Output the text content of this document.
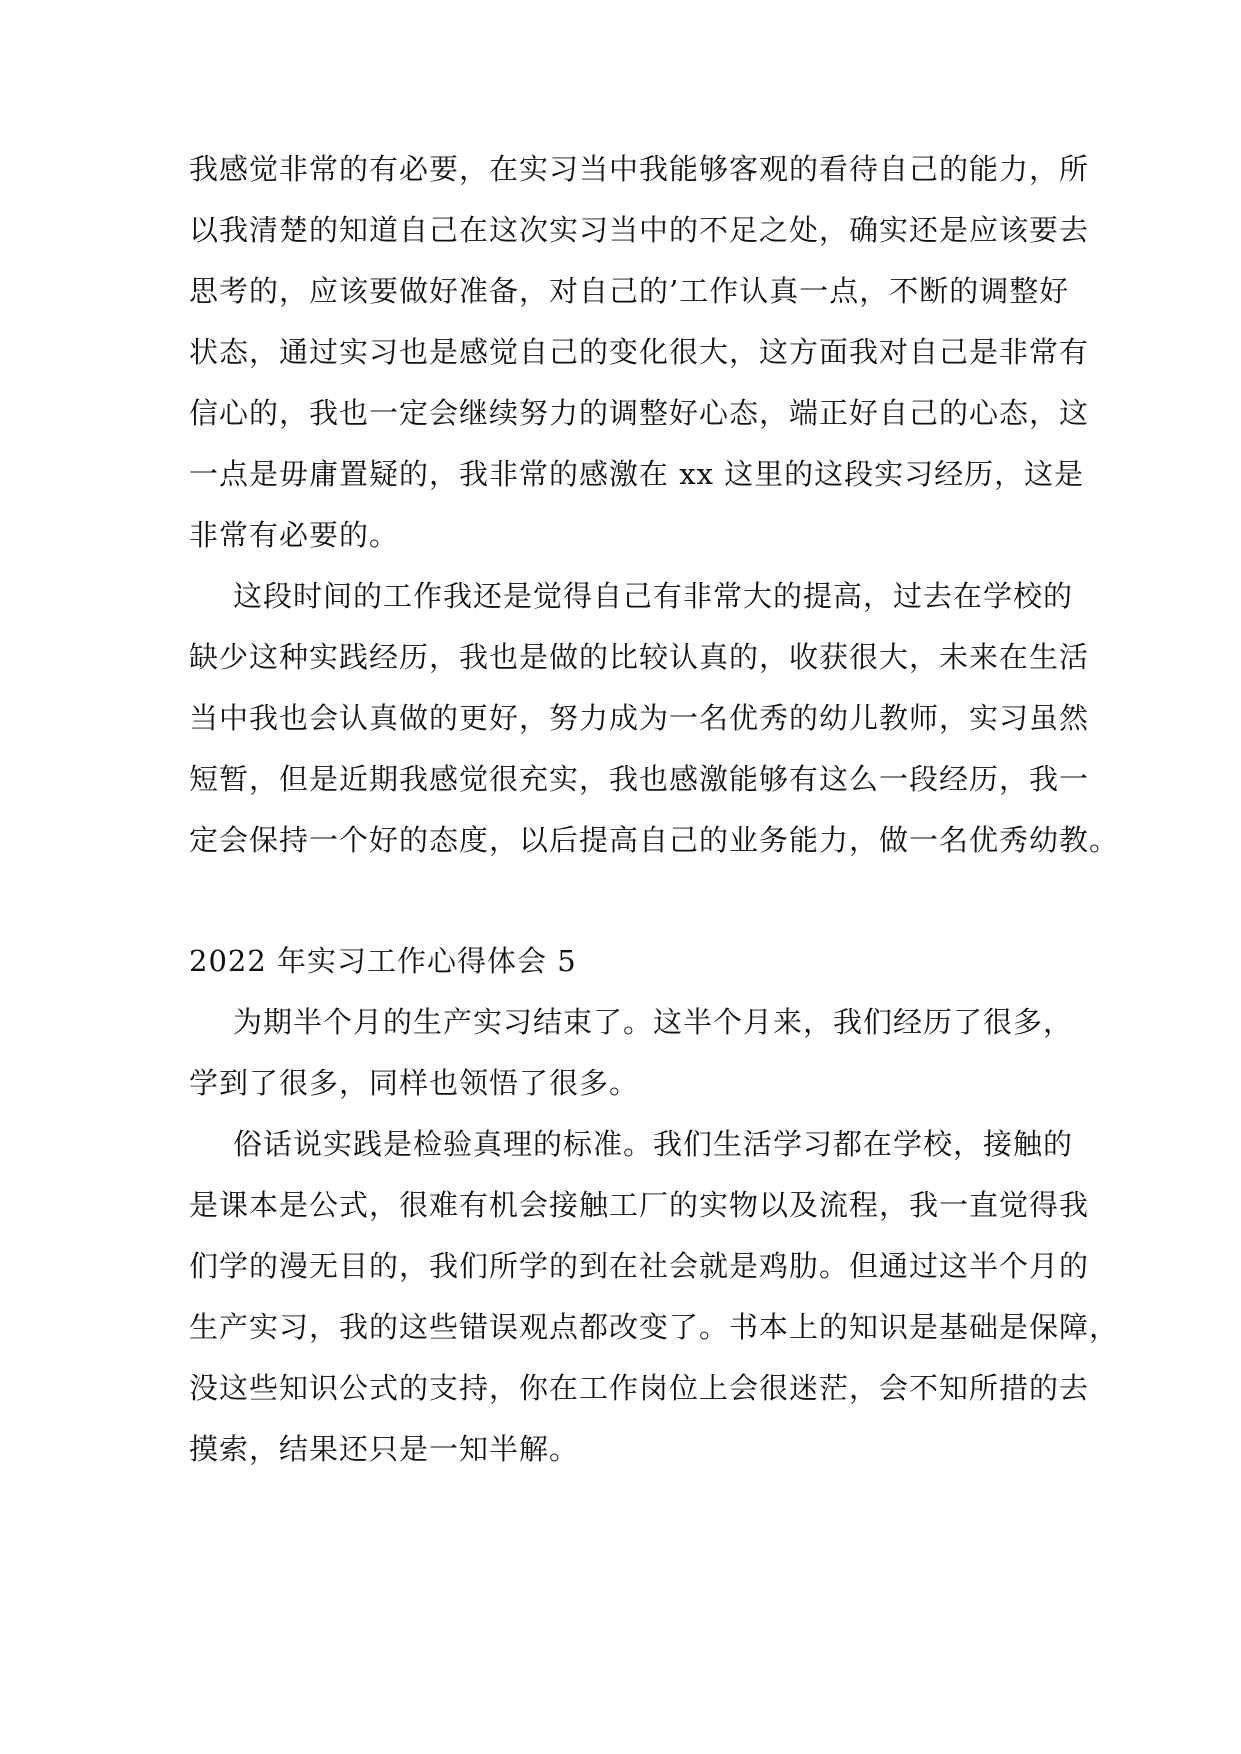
我感觉非常的有必要，在实习当中我能够客观的看待自己的能力，所
以我清楚的知道自己在这次实习当中的不足之处，确实还是应该要去
思考的，应该要做好准备，对自己的’工作认真一点，不断的调整好
状态，通过实习也是感觉自己的变化很大，这方面我对自己是非常有
信心的，我也一定会继续努力的调整好心态，端正好自己的心态，这
一点是毋庸置疑的，我非常的感激在 xx 这里的这段实习经历，这是
非常有必要的。
这段时间的工作我还是觉得自己有非常大的提高，过去在学校的
缺少这种实践经历，我也是做的比较认真的，收获很大，未来在生活
当中我也会认真做的更好，努力成为一名优秀的幼儿教师，实习虽然
短暂，但是近期我感觉很充实，我也感激能够有这么一段经历，我一
定会保持一个好的态度，以后提高自己的业务能力，做一名优秀幼教。
2022 年实习工作心得体会 5
为期半个月的生产实习结束了。这半个月来，我们经历了很多，
学到了很多，同样也领悟了很多。
俗话说实践是检验真理的标准。我们生活学习都在学校，接触的
是课本是公式，很难有机会接触工厂的实物以及流程，我一直觉得我
们学的漫无目的，我们所学的到在社会就是鸡肋。但通过这半个月的
生产实习，我的这些错误观点都改变了。书本上的知识是基础是保障，
没这些知识公式的支持，你在工作岗位上会很迷茫，会不知所措的去
摸索，结果还只是一知半解。
